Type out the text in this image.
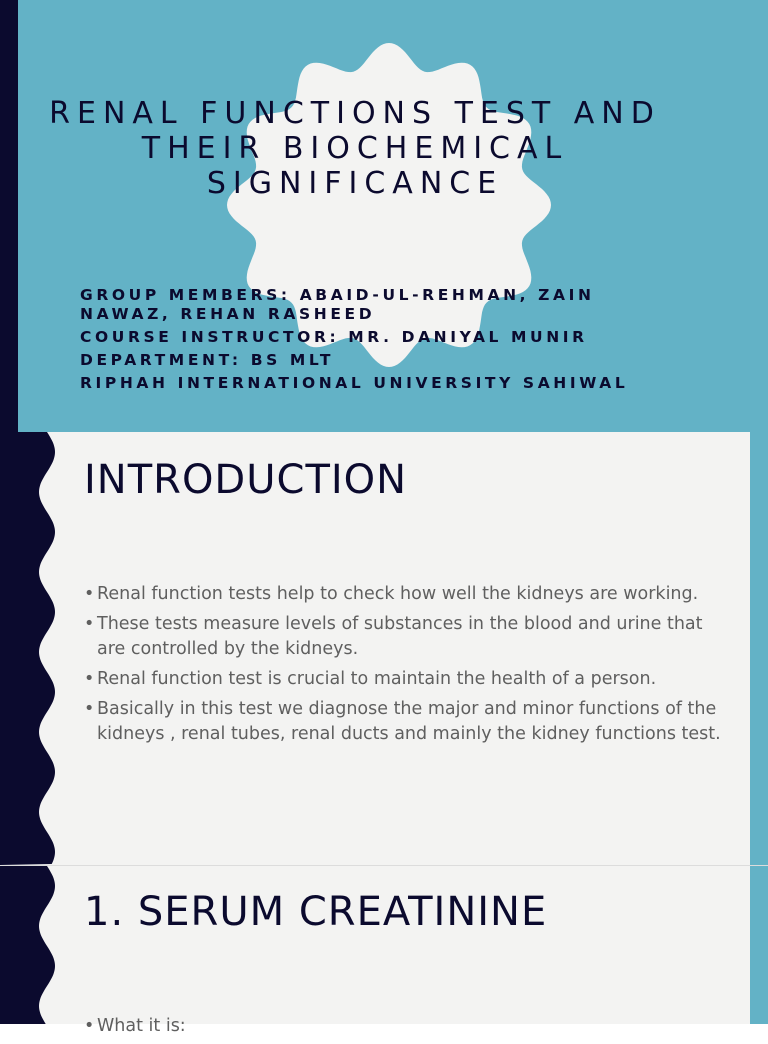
RENAL FUNCTIONS TEST AND
THEIR BIOCHEMICAL
SIGNIFICANCE
GROUP MEMBERS: ABAID-UL-REHMAN, ZAIN NAWAZ, REHAN RASHEED
COURSE INSTRUCTOR: MR. DANIYAL MUNIR
DEPARTMENT: BS MLT
RIPHAH INTERNATIONAL UNIVERSITY SAHIWAL
INTRODUCTION
• Renal function tests help to check how well the kidneys are working.
• These tests measure levels of substances in the blood and urine that are controlled by the kidneys.
• Renal function test is crucial to maintain the health of a person.
• Basically in this test we diagnose the major and minor functions of the kidneys , renal tubes, renal ducts and mainly the kidney functions test.
1. SERUM CREATININE
• What it is:
